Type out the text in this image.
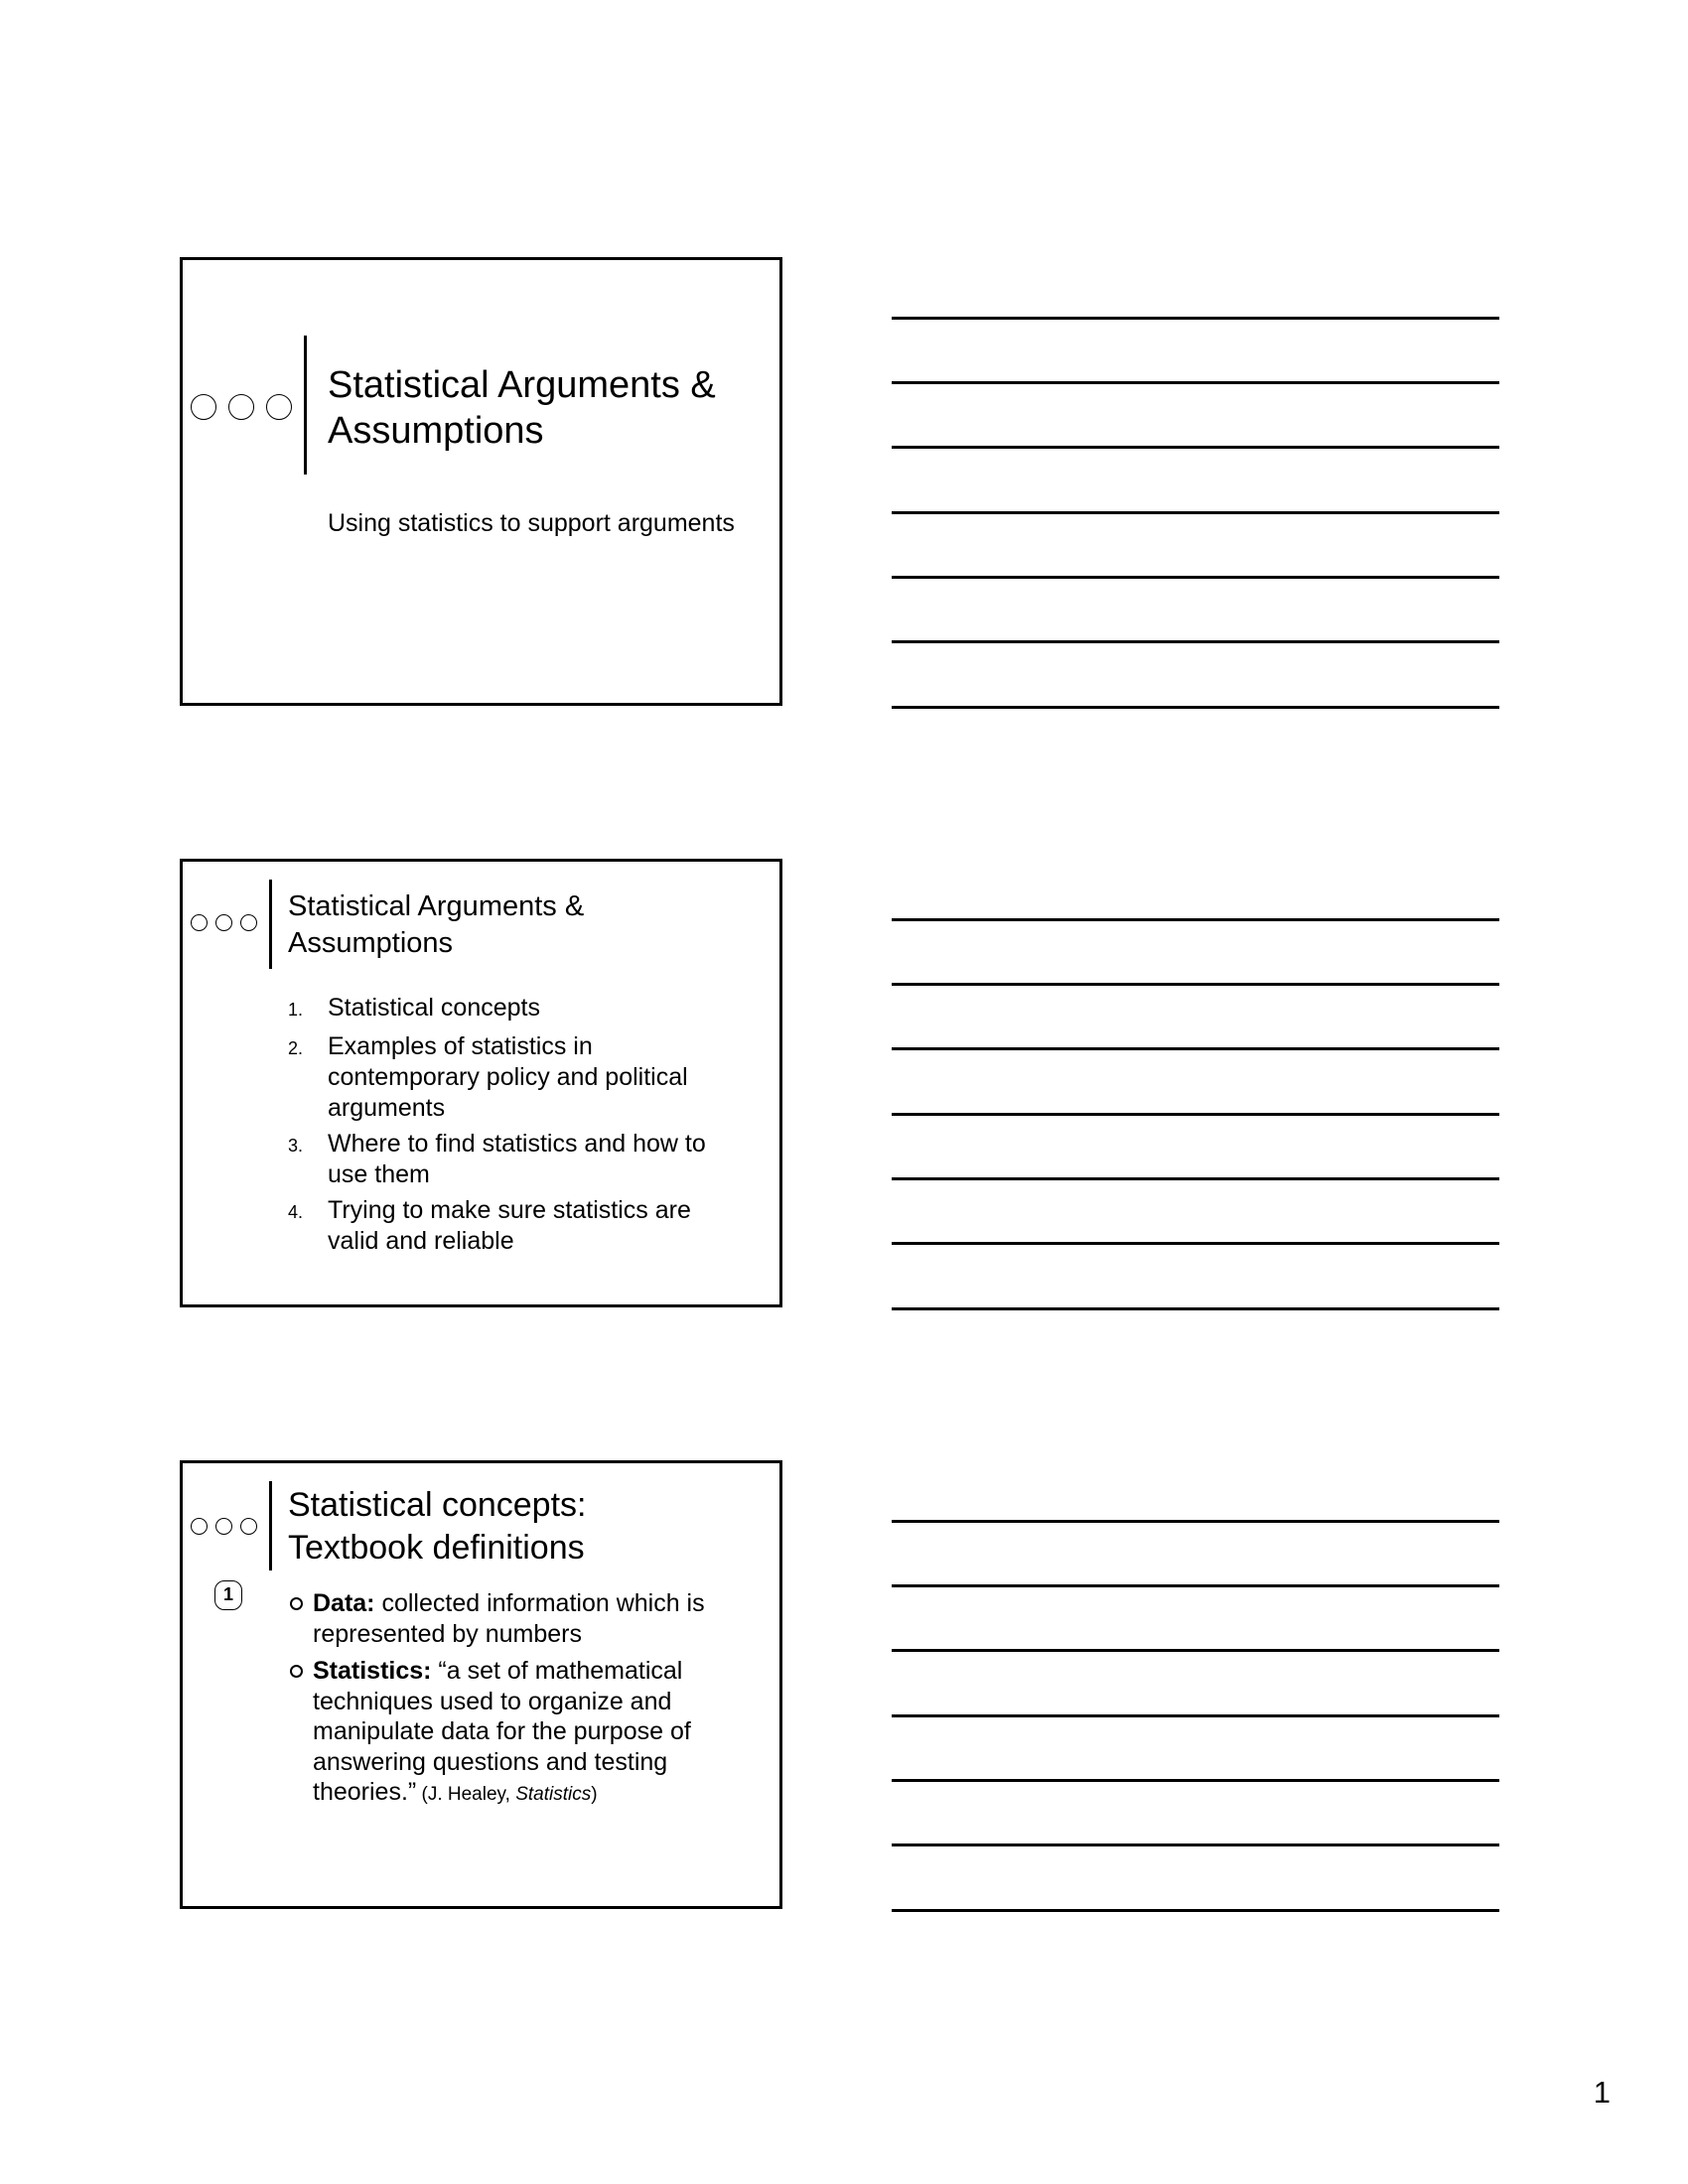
Statistical Arguments & Assumptions
Using statistics to support arguments
Statistical Arguments & Assumptions
1. Statistical concepts
2. Examples of statistics in contemporary policy and political arguments
3. Where to find statistics and how to use them
4. Trying to make sure statistics are valid and reliable
Statistical concepts: Textbook definitions
1	Data: collected information which is represented by numbers
Statistics: “a set of mathematical techniques used to organize and manipulate data for the purpose of answering questions and testing theories.” (J. Healey, Statistics)
1
